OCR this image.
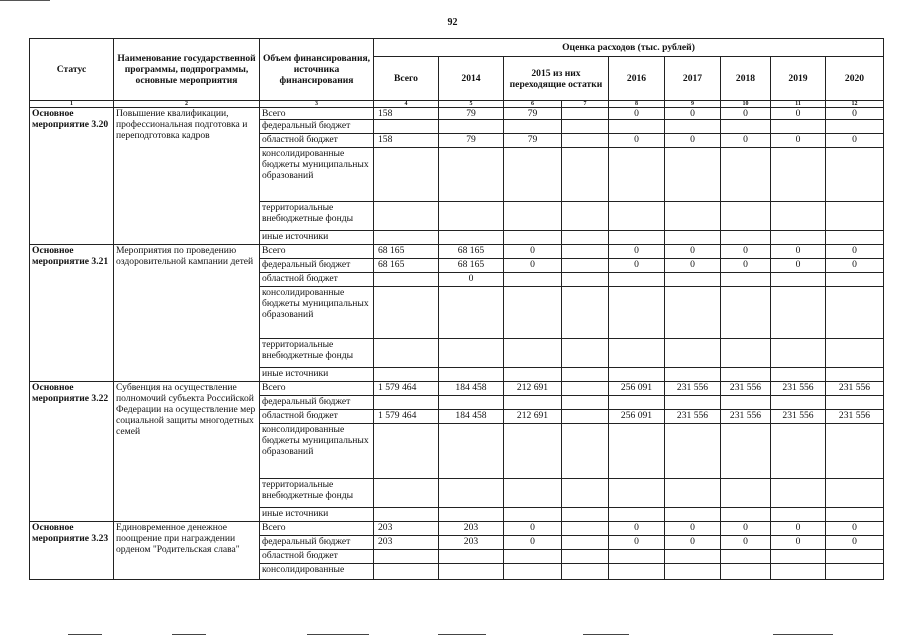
92
Статус	Наименование государственной программы, подпрограммы, основные мероприятия	Объем финансирования, источника финансирования	Оценка расходов (тыс. рублей)								
			Всего	2014	2015 из них переходящие остатки		2016	2017	2018	2019	2020
1	2	3	4	5	6	7	8	9	10	11	12
Основное мероприятие 3.20	Повышение квалификации, профессиональная подготовка и переподготовка кадров	Всего	158	79	79		0	0	0	0	0
		федеральный бюджет									
		областной бюджет	158	79	79		0	0	0	0	0
		консолидированные бюджеты муниципальных образований									
		территориальные внебюджетные фонды									
		иные источники									
Основное мероприятие 3.21	Мероприятия по проведению оздоровительной кампании детей	Всего	68 165	68 165	0		0	0	0	0	0
		федеральный бюджет	68 165	68 165	0		0	0	0	0	0
		областной бюджет		0							
		консолидированные бюджеты муниципальных образований									
		территориальные внебюджетные фонды									
		иные источники									
Основное мероприятие 3.22	Субвенция на осуществление полномочий субъекта Российской Федерации на осуществление мер социальной защиты многодетных семей	Всего	1 579 464	184 458	212 691		256 091	231 556	231 556	231 556	231 556
		федеральный бюджет									
		областной бюджет	1 579 464	184 458	212 691		256 091	231 556	231 556	231 556	231 556
		консолидированные бюджеты муниципальных образований									
		территориальные внебюджетные фонды									
		иные источники									
Основное мероприятие 3.23	Единовременное денежное поощрение при награждении орденом "Родительская слава"	Всего	203	203	0		0	0	0	0	0
		федеральный бюджет	203	203	0		0	0	0	0	0
		областной бюджет									
		консолидированные									
